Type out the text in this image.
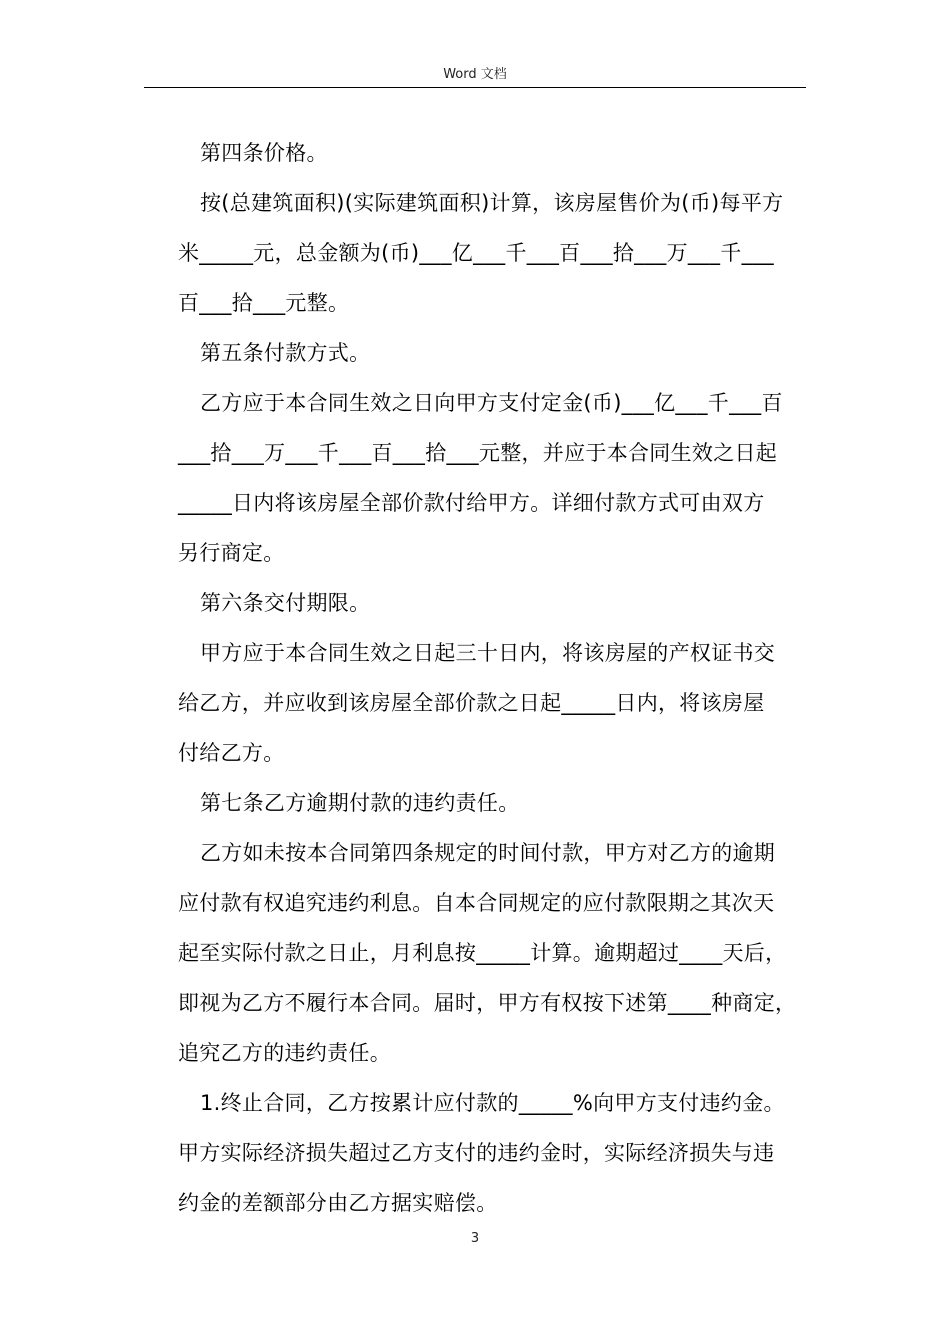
Word 文档
第四条价格。
按(总建筑面积)(实际建筑面积)计算，该房屋售价为(币)每平方
米_____元，总金额为(币)___亿___千___百___拾___万___千___
百___拾___元整。
第五条付款方式。
乙方应于本合同生效之日向甲方支付定金(币)___亿___千___百
___拾___万___千___百___拾___元整，并应于本合同生效之日起
_____日内将该房屋全部价款付给甲方。详细付款方式可由双方
另行商定。
第六条交付期限。
甲方应于本合同生效之日起三十日内，将该房屋的产权证书交
给乙方，并应收到该房屋全部价款之日起_____日内，将该房屋
付给乙方。
第七条乙方逾期付款的违约责任。
乙方如未按本合同第四条规定的时间付款，甲方对乙方的逾期
应付款有权追究违约利息。自本合同规定的应付款限期之其次天
起至实际付款之日止，月利息按_____计算。逾期超过____天后，
即视为乙方不履行本合同。届时，甲方有权按下述第____种商定，
追究乙方的违约责任。
1.终止合同，乙方按累计应付款的_____%向甲方支付违约金。
甲方实际经济损失超过乙方支付的违约金时，实际经济损失与违
约金的差额部分由乙方据实赔偿。
3
